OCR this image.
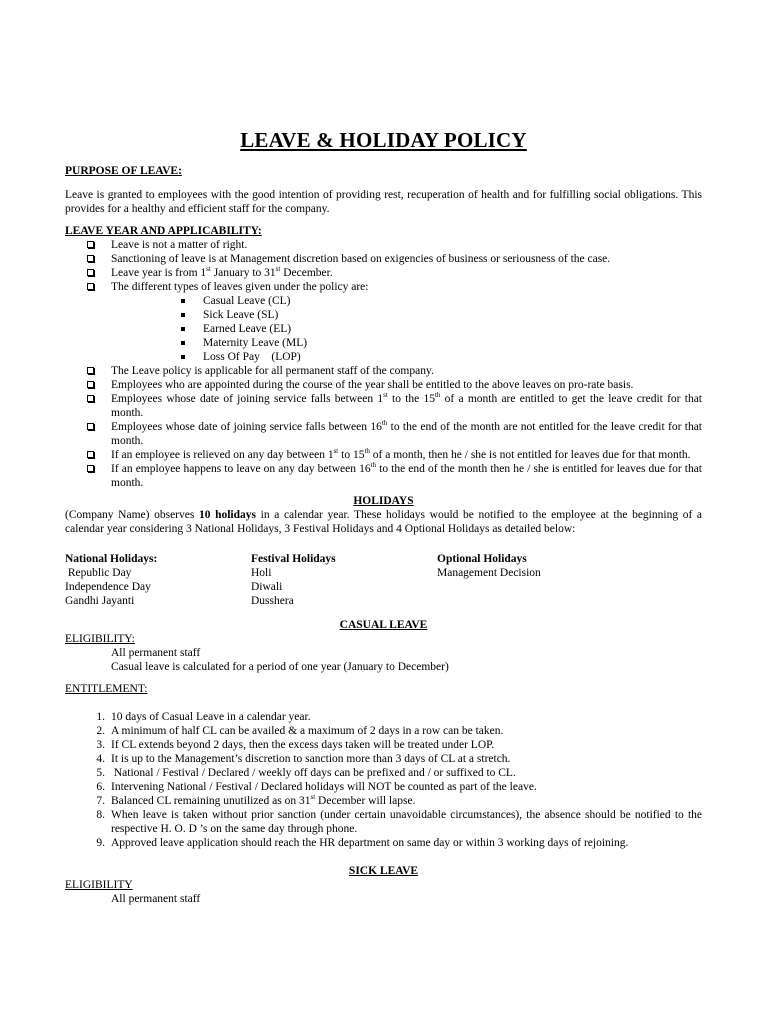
LEAVE & HOLIDAY POLICY

PURPOSE OF LEAVE:

Leave is granted to employees with the good intention of providing rest, recuperation of health and for fulfilling social obligations. This provides for a healthy and efficient staff for the company.

LEAVE YEAR AND APPLICABILITY:

Leave is not a matter of right.
Sanctioning of leave is at Management discretion based on exigencies of business or seriousness of the case.
Leave year is from 1st January to 31st December.
The different types of leaves given under the policy are:
Casual Leave (CL)
Sick Leave (SL)
Earned Leave (EL)
Maternity Leave (ML)
Loss Of Pay    (LOP)
The Leave policy is applicable for all permanent staff of the company.
Employees who are appointed during the course of the year shall be entitled to the above leaves on pro-rate basis.
Employees whose date of joining service falls between 1st to the 15th of a month are entitled to get the leave credit for that month.
Employees whose date of joining service falls between 16th to the end of the month are not entitled for the leave credit for that month.
If an employee is relieved on any day between 1st to 15th of a month, then he / she is not entitled for leaves due for that month.
If an employee happens to leave on any day between 16th to the end of the month then he / she is entitled for leaves due for that month.

HOLIDAYS

(Company Name) observes 10 holidays in a calendar year. These holidays would be notified to the employee at the beginning of a calendar year considering 3 National Holidays, 3 Festival Holidays and 4 Optional Holidays as detailed below:

National Holidays:
Republic Day
Independence Day
Gandhi Jayanti
Festival Holidays
Holi
Diwali
Dusshera
Optional Holidays
Management Decision

CASUAL LEAVE

ELIGIBILITY:

All permanent staff

Casual leave is calculated for a period of one year (January to December)

ENTITLEMENT:

1. 10 days of Casual Leave in a calendar year.
2. A minimum of half CL can be availed & a maximum of 2 days in a row can be taken.
3. If CL extends beyond 2 days, then the excess days taken will be treated under LOP.
4. It is up to the Management’s discretion to sanction more than 3 days of CL at a stretch.
5. National / Festival / Declared / weekly off days can be prefixed and / or suffixed to CL.
6. Intervening National / Festival / Declared holidays will NOT be counted as part of the leave.
7. Balanced CL remaining unutilized as on 31st December will lapse.
8. When leave is taken without prior sanction (under certain unavoidable circumstances), the absence should be notified to the respective H. O. D ’s on the same day through phone.
9. Approved leave application should reach the HR department on same day or within 3 working days of rejoining.

SICK LEAVE

ELIGIBILITY

All permanent staff
